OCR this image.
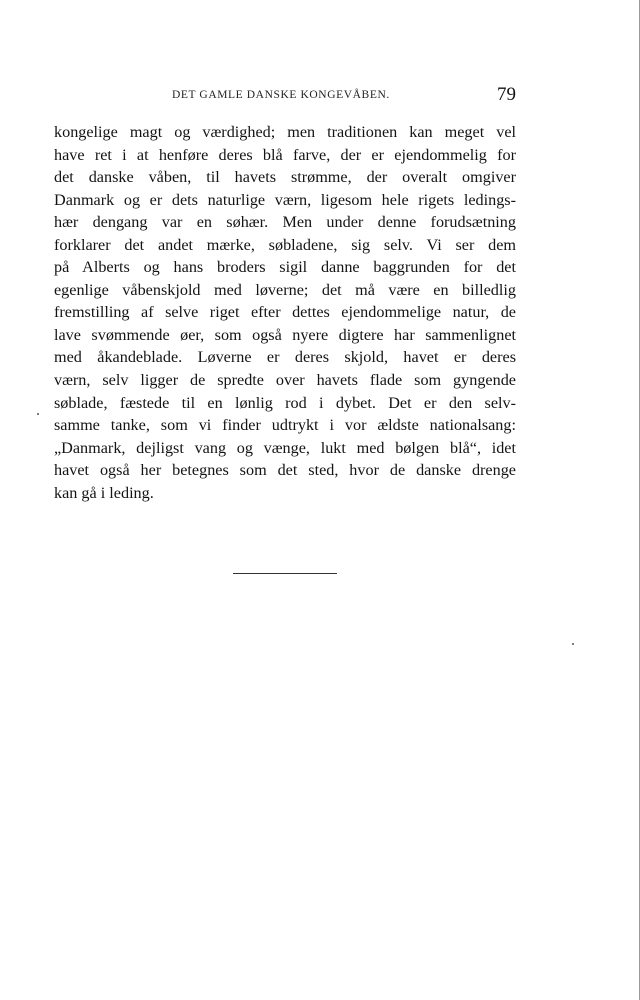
DET GAMLE DANSKE KONGEVÅBEN.	79
kongelige magt og værdighed; men traditionen kan meget vel
have ret i at henføre deres blå farve, der er ejendommelig for
det danske våben, til havets strømme, der overalt omgiver
Danmark og er dets naturlige værn, ligesom hele rigets ledings-
hær dengang var en søhær. Men under denne forudsætning
forklarer det andet mærke, søbladene, sig selv. Vi ser dem
på Alberts og hans broders sigil danne baggrunden for det
egenlige våbenskjold med løverne; det må være en billedlig
fremstilling af selve riget efter dettes ejendommelige natur, de
lave svømmende øer, som også nyere digtere har sammenlignet
med åkandeblade. Løverne er deres skjold, havet er deres
værn, selv ligger de spredte over havets flade som gyngende
søblade, fæstede til en lønlig rod i dybet. Det er den selv-
samme tanke, som vi finder udtrykt i vor ældste nationalsang:
„Danmark, dejligst vang og vænge, lukt med bølgen blå“, idet
havet også her betegnes som det sted, hvor de danske drenge
kan gå i leding.
